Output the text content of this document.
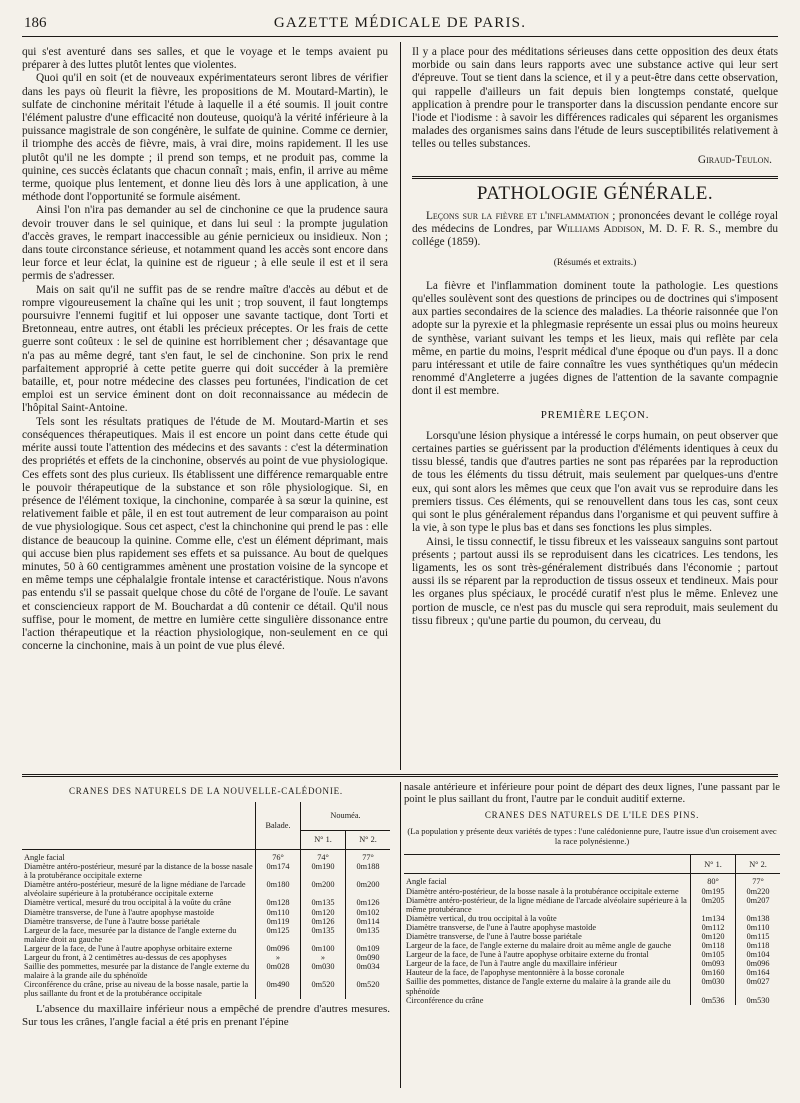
186	GAZETTE MÉDICALE DE PARIS.

qui s'est aventuré dans ses salles, et que le voyage et le temps avaient pu préparer à des luttes plutôt lentes que violentes.

Quoi qu'il en soit (et de nouveaux expérimentateurs seront libres de vérifier dans les pays où fleurit la fièvre, les propositions de M. Moutard-Martin), le sulfate de cinchonine méritait l'étude à laquelle il a été soumis. Il jouit contre l'élément palustre d'une efficacité non douteuse, quoiqu'à la vérité inférieure à la puissance magistrale de son congénère, le sulfate de quinine. Comme ce dernier, il triomphe des accès de fièvre, mais, à vrai dire, moins rapidement. Il les use plutôt qu'il ne les dompte ; il prend son temps, et ne produit pas, comme la quinine, ces succès éclatants que chacun connaît ; mais, enfin, il arrive au même terme, quoique plus lentement, et donne lieu dès lors à une application, à une méthode dont l'opportunité se formule aisément.

Ainsi l'on n'ira pas demander au sel de cinchonine ce que la prudence saura devoir trouver dans le sel quinique, et dans lui seul : la prompte jugulation d'accès graves, le rempart inaccessible au génie pernicieux ou insidieux. Non ; dans toute circonstance sérieuse, et notamment quand les accès sont encore dans leur force et leur éclat, la quinine est de rigueur ; à elle seule il est et il sera permis de s'adresser.

Mais on sait qu'il ne suffit pas de se rendre maître d'accès au début et de rompre vigoureusement la chaîne qui les unit ; trop souvent, il faut longtemps poursuivre l'ennemi fugitif et lui opposer une savante tactique, dont Torti et Bretonneau, entre autres, ont établi les précieux préceptes. Or les frais de cette guerre sont coûteux : le sel de quinine est horriblement cher ; désavantage que n'a pas au même degré, tant s'en faut, le sel de cinchonine. Son prix le rend parfaitement approprié à cette petite guerre qui doit succéder à la première bataille, et, pour notre médecine des classes peu fortunées, l'indication de cet emploi est un service éminent dont on doit reconnaissance au médecin de l'hôpital Saint-Antoine.

Tels sont les résultats pratiques de l'étude de M. Moutard-Martin et ses conséquences thérapeutiques. Mais il est encore un point dans cette étude qui mérite aussi toute l'attention des médecins et des savants : c'est la détermination des propriétés et effets de la cinchonine, observés au point de vue physiologique. Ces effets sont des plus curieux. Ils établissent une différence remarquable entre le pouvoir thérapeutique de la substance et son rôle physiologique. Si, en présence de l'élément toxique, la cinchonine, comparée à sa sœur la quinine, est relativement faible et pâle, il en est tout autrement de leur comparaison au point de vue physiologique. Sous cet aspect, c'est la chinchonine qui prend le pas : elle distance de beaucoup la quinine. Comme elle, c'est un élément déprimant, mais qui accuse bien plus rapidement ses effets et sa puissance. Au bout de quelques minutes, 50 à 60 centigrammes amènent une prostation voisine de la syncope et en même temps une céphalalgie frontale intense et caractéristique. Nous n'avons pas entendu s'il se passait quelque chose du côté de l'organe de l'ouïe. Le savant et consciencieux rapport de M. Bouchardat a dû contenir ce détail. Qu'il nous suffise, pour le moment, de mettre en lumière cette singulière dissonance entre l'action thérapeutique et la réaction physiologique, non-seulement en ce qui concerne la cinchonine, mais à un point de vue plus élevé.

Il y a place pour des méditations sérieuses dans cette opposition des deux états morbide ou sain dans leurs rapports avec une substance active qui leur sert d'épreuve. Tout se tient dans la science, et il y a peut-être dans cette observation, qui rappelle d'ailleurs un fait depuis bien longtemps constaté, quelque application à prendre pour le transporter dans la discussion pendante encore sur l'iode et l'iodisme : à savoir les différences radicales qui séparent les organismes malades des organismes sains dans l'étude de leurs susceptibilités relativement à telles ou telles substances.

Giraud-Teulon.
PATHOLOGIE GÉNÉRALE.

Leçons sur la fièvre et l'inflammation ; prononcées devant le collége royal des médecins de Londres, par Williams Addison, M. D. F. R. S., membre du collége (1859).

(Résumés et extraits.)

La fièvre et l'inflammation dominent toute la pathologie. Les questions qu'elles soulèvent sont des questions de principes ou de doctrines qui s'imposent aux parties secondaires de la science des maladies. La théorie raisonnée que l'on adopte sur la pyrexie et la phlegmasie représente un essai plus ou moins heureux de synthèse, variant suivant les temps et les lieux, mais qui reflète par cela même, en partie du moins, l'esprit médical d'une époque ou d'un pays. Il a donc paru intéressant et utile de faire connaître les vues synthétiques qu'un médecin renommé d'Angleterre a jugées dignes de l'attention de la savante compagnie dont il est membre.

PREMIÈRE LEÇON.

Lorsqu'une lésion physique a intéressé le corps humain, on peut observer que certaines parties se guérissent par la production d'éléments identiques à ceux du tissu blessé, tandis que d'autres parties ne sont pas réparées par la reproduction de tous les éléments du tissu détruit, mais seulement par quelques-uns d'entre eux, qui sont alors les mêmes que ceux que l'on avait vus se reproduire dans les premiers tissus. Ces éléments, qui se renouvellent dans tous les cas, sont ceux qui sont le plus généralement répandus dans l'organisme et qui peuvent suffire à la vie, à son type le plus bas et dans ses fonctions les plus simples.

Ainsi, le tissu connectif, le tissu fibreux et les vaisseaux sanguins sont partout présents ; partout aussi ils se reproduisent dans les cicatrices. Les tendons, les ligaments, les os sont très-généralement distribués dans l'économie ; partout aussi ils se réparent par la reproduction de tissus osseux et tendineux. Mais pour les organes plus spéciaux, le procédé curatif n'est plus le même. Enlevez une portion de muscle, ce n'est pas du muscle qui sera reproduit, mais seulement du tissu fibreux ; qu'une partie du poumon, du cerveau, du

CRANES DES NATURELS DE LA NOUVELLE-CALÉDONIE.
	Balade.	Nouméa.	
		N° 1.	N° 2.
Angle facial	76°	74°	77°
Diamètre antéro-postérieur, mesuré par la distance de la bosse nasale à la protubérance occipitale externe	0m174	0m190	0m188
Diamètre antéro-postérieur, mesuré de la ligne médiane de l'arcade alvéolaire supérieure à la protubérance occipitale externe	0m180	0m200	0m200
Diamètre vertical, mesuré du trou occipital à la voûte du crâne	0m128	0m135	0m126
Diamètre transverse, de l'une à l'autre apophyse mastoïde	0m110	0m120	0m102
Diamètre transverse, de l'une à l'autre bosse pariétale	0m119	0m126	0m114
Largeur de la face, mesurée par la distance de l'angle externe du malaire droit au gauche	0m125	0m135	0m135
Largeur de la face, de l'une à l'autre apophyse orbitaire externe	0m096	0m100	0m109
Largeur du front, à 2 centimètres au-dessus de ces apophyses	»	»	0m090
Saillie des pommettes, mesurée par la distance de l'angle externe du malaire à la grande aile du sphénoïde	0m028	0m030	0m034
Circonférence du crâne, prise au niveau de la bosse nasale, partie la plus saillante du front et de la protubérance occipitale	0m490	0m520	0m520

L'absence du maxillaire inférieur nous a empêché de prendre d'autres mesures. Sur tous les crânes, l'angle facial a été pris en prenant l'épine

nasale antérieure et inférieure pour point de départ des deux lignes, l'une passant par le point le plus saillant du front, l'autre par le conduit auditif externe.
CRANES DES NATURELS DE L'ILE DES PINS.
(La population y présente deux variétés de types : l'une calédonienne pure, l'autre issue d'un croisement avec la race polynésienne.)
	N° 1.	N° 2.
Angle facial	80°	77°
Diamètre antéro-postérieur, de la bosse nasale à la protubérance occipitale externe	0m195	0m220
Diamètre antéro-postérieur, de la ligne médiane de l'arcade alvéolaire supérieure à la même protubérance	0m205	0m207
Diamètre vertical, du trou occipital à la voûte	1m134	0m138
Diamètre transverse, de l'une à l'autre apophyse mastoïde	0m112	0m110
Diamètre transverse, de l'une à l'autre bosse pariétale	0m120	0m115
Largeur de la face, de l'angle externe du malaire droit au même angle de gauche	0m118	0m118
Largeur de la face, de l'une à l'autre apophyse orbitaire externe du frontal	0m105	0m104
Largeur de la face, de l'un à l'autre angle du maxillaire inférieur	0m093	0m096
Hauteur de la face, de l'apophyse mentonnière à la bosse coronale	0m160	0m164
Saillie des pommettes, distance de l'angle externe du malaire à la grande aile du sphénoïde	0m030	0m027
Circonférence du crâne	0m536	0m530
